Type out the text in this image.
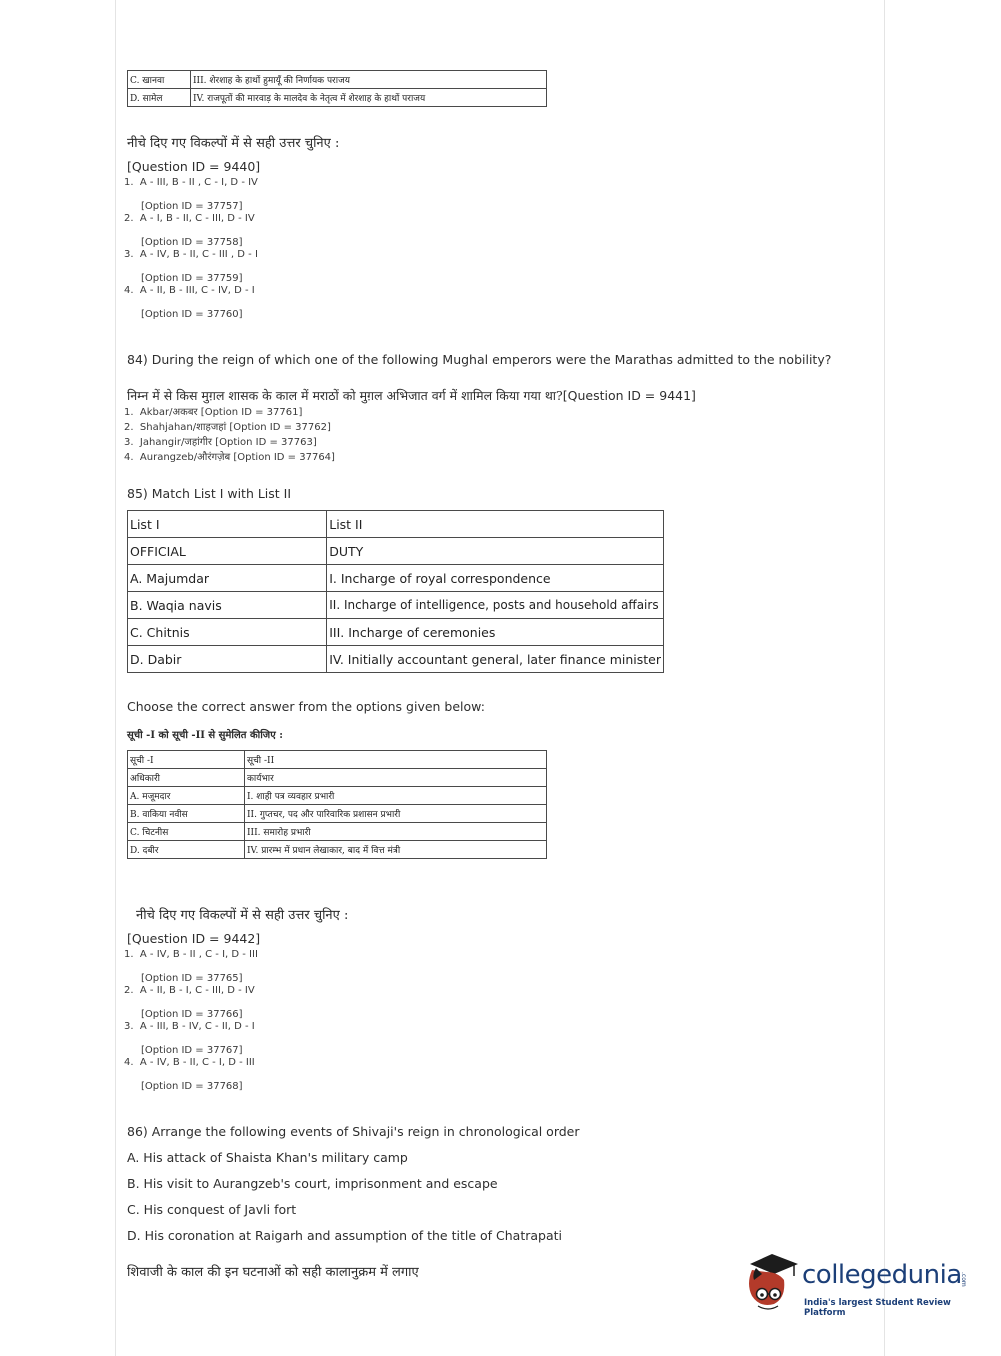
C. खानवा	III. शेरशाह के हाथों हुमायूँ की निर्णायक पराजय
D. सामेल	IV. राजपूतों की मारवाड़ के मालदेव के नेतृत्व में शेरशाह के हाथों पराजय
नीचे दिए गए विकल्पों में से सही उत्तर चुनिए :
[Question ID = 9440]
1. A - III, B - II , C - I, D - IV
[Option ID = 37757]
2. A - I, B - II, C - III, D - IV
[Option ID = 37758]
3. A - IV, B - II, C - III , D - I
[Option ID = 37759]
4. A - II, B - III, C - IV, D - I
[Option ID = 37760]
84) During the reign of which one of the following Mughal emperors were the Marathas admitted to the nobility?
निम्न में से किस मुग़ल शासक के काल में मराठों को मुग़ल अभिजात वर्ग में शामिल किया गया था?[Question ID = 9441]
1. Akbar/अकबर [Option ID = 37761]
2. Shahjahan/शाहजहां [Option ID = 37762]
3. Jahangir/जहांगीर [Option ID = 37763]
4. Aurangzeb/औरंगज़ेब [Option ID = 37764]
85) Match List I with List II
List I	List II
OFFICIAL	DUTY
A. Majumdar	I. Incharge of royal correspondence
B. Waqia navis	II. Incharge of intelligence, posts and household affairs
C. Chitnis	III. Incharge of ceremonies
D. Dabir	IV. Initially accountant general, later finance minister
Choose the correct answer from the options given below:
सूची -I को सूची -II से सुमेलित कीजिए :
सूची -I	सूची -II
अधिकारी	कार्यभार
A. मजूमदार	I. शाही पत्र व्यवहार प्रभारी
B. वाकिया नवीस	II. गुप्तचर, पद और पारिवारिक प्रशासन प्रभारी
C. चिटनीस	III. समारोह प्रभारी
D. दबीर	IV. प्रारम्भ में प्रधान लेखाकार, बाद में वित्त मंत्री
नीचे दिए गए विकल्पों में से सही उत्तर चुनिए :
[Question ID = 9442]
1. A - IV, B - II , C - I, D - III
[Option ID = 37765]
2. A - II, B - I, C - III, D - IV
[Option ID = 37766]
3. A - III, B - IV, C - II, D - I
[Option ID = 37767]
4. A - IV, B - II, C - I, D - III
[Option ID = 37768]
86) Arrange the following events of Shivaji's reign in chronological order
A. His attack of Shaista Khan's military camp
B. His visit to Aurangzeb's court, imprisonment and escape
C. His conquest of Javli fort
D. His coronation at Raigarh and assumption of the title of Chatrapati
शिवाजी के काल की इन घटनाओं को सही कालानुक्रम में लगाए	collegedunia
.com
India's largest Student Review Platform
